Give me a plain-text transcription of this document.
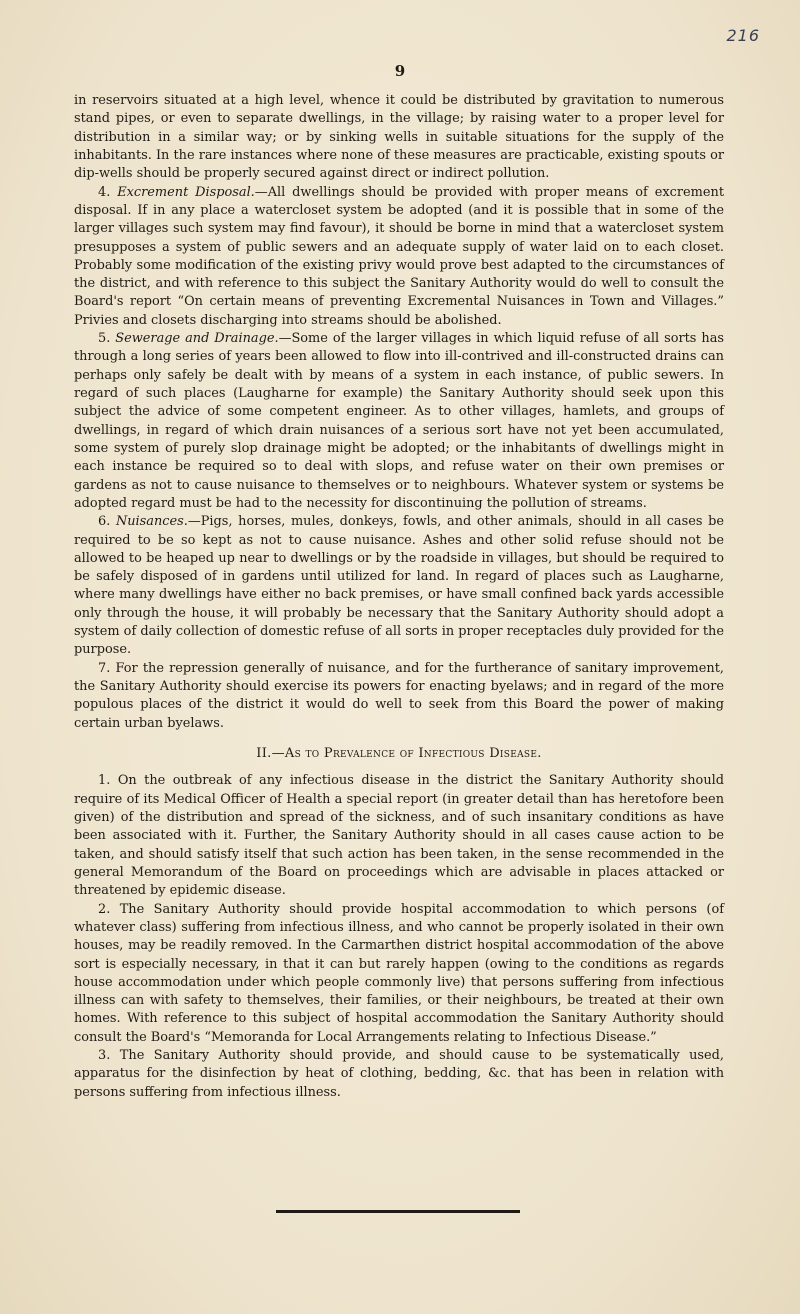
216
9

in reservoirs situated at a high level, whence it could be distributed by gravitation to numerous stand pipes, or even to separate dwellings, in the village; by raising water to a proper level for distribution in a similar way; or by sinking wells in suitable situations for the supply of the inhabitants. In the rare instances where none of these measures are practicable, existing spouts or dip-wells should be properly secured against direct or indirect pollution.

4. Excrement Disposal.—All dwellings should be provided with proper means of excrement disposal. If in any place a watercloset system be adopted (and it is possible that in some of the larger villages such system may find favour), it should be borne in mind that a watercloset system presupposes a system of public sewers and an adequate supply of water laid on to each closet. Probably some modification of the existing privy would prove best adapted to the circumstances of the district, and with reference to this subject the Sanitary Authority would do well to consult the Board's report “On certain means of preventing Excremental Nuisances in Town and Villages.” Privies and closets discharging into streams should be abolished.

5. Sewerage and Drainage.—Some of the larger villages in which liquid refuse of all sorts has through a long series of years been allowed to flow into ill-contrived and ill-constructed drains can perhaps only safely be dealt with by means of a system in each instance, of public sewers. In regard of such places (Laugharne for example) the Sanitary Authority should seek upon this subject the advice of some competent engineer. As to other villages, hamlets, and groups of dwellings, in regard of which drain nuisances of a serious sort have not yet been accumulated, some system of purely slop drainage might be adopted; or the inhabitants of dwellings might in each instance be required so to deal with slops, and refuse water on their own premises or gardens as not to cause nuisance to themselves or to neighbours. Whatever system or systems be adopted regard must be had to the necessity for discontinuing the pollution of streams.

6. Nuisances.—Pigs, horses, mules, donkeys, fowls, and other animals, should in all cases be required to be so kept as not to cause nuisance. Ashes and other solid refuse should not be allowed to be heaped up near to dwellings or by the roadside in villages, but should be required to be safely disposed of in gardens until utilized for land. In regard of places such as Laugharne, where many dwellings have either no back premises, or have small confined back yards accessible only through the house, it will probably be necessary that the Sanitary Authority should adopt a system of daily collection of domestic refuse of all sorts in proper receptacles duly provided for the purpose.

7. For the repression generally of nuisance, and for the furtherance of sanitary improvement, the Sanitary Authority should exercise its powers for enacting byelaws; and in regard of the more populous places of the district it would do well to seek from this Board the power of making certain urban byelaws.

II.—As to Prevalence of Infectious Disease.

1. On the outbreak of any infectious disease in the district the Sanitary Authority should require of its Medical Officer of Health a special report (in greater detail than has heretofore been given) of the distribution and spread of the sickness, and of such insanitary conditions as have been associated with it. Further, the Sanitary Authority should in all cases cause action to be taken, and should satisfy itself that such action has been taken, in the sense recommended in the general Memorandum of the Board on proceedings which are advisable in places attacked or threatened by epidemic disease.

2. The Sanitary Authority should provide hospital accommodation to which persons (of whatever class) suffering from infectious illness, and who cannot be properly isolated in their own houses, may be readily removed. In the Carmarthen district hospital accommodation of the above sort is especially necessary, in that it can but rarely happen (owing to the conditions as regards house accommodation under which people commonly live) that persons suffering from infectious illness can with safety to themselves, their families, or their neighbours, be treated at their own homes. With reference to this subject of hospital accommodation the Sanitary Authority should consult the Board's “Memoranda for Local Arrangements relating to Infectious Disease.”

3. The Sanitary Authority should provide, and should cause to be systematically used, apparatus for the disinfection by heat of clothing, bedding, &c. that has been in relation with persons suffering from infectious illness.
